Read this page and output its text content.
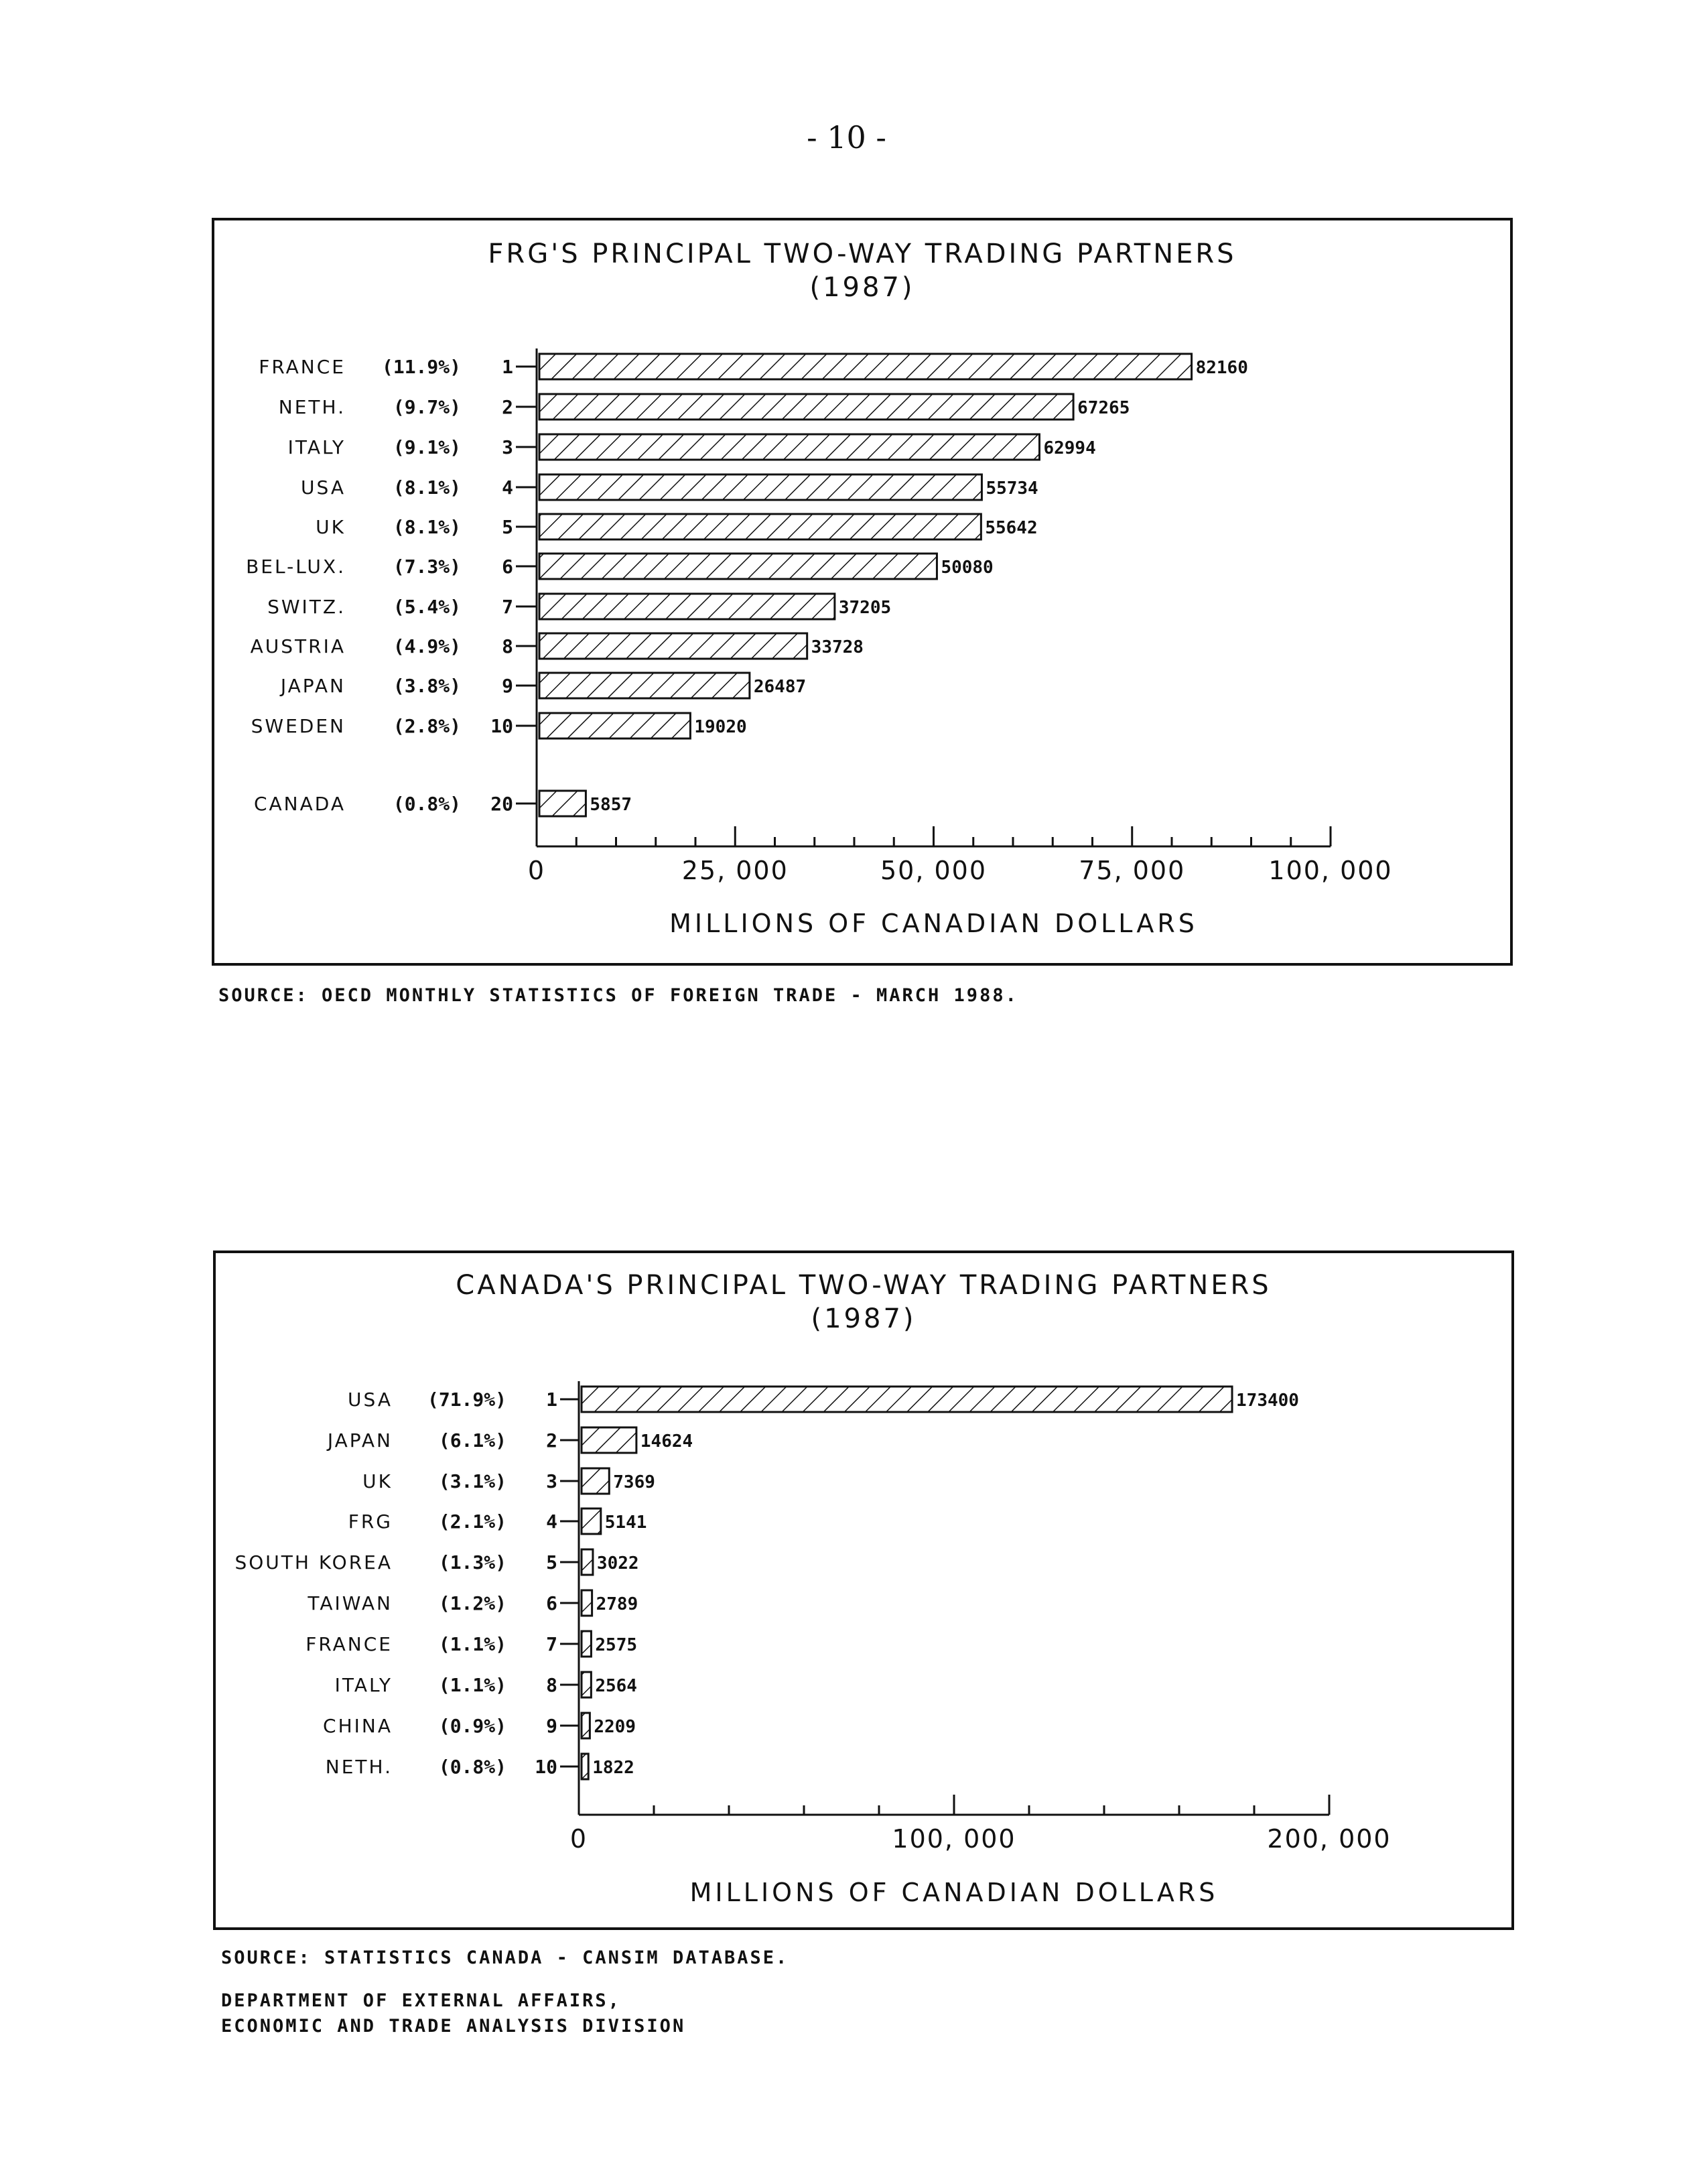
- 10 -
FRG'S PRINCIPAL TWO-WAY TRADING PARTNERS
(1987)
FRANCE (11.9%) 1	82160
NETH.	(9.7%) 2	67265
ITALY	(9.1%) 3	62994
USA	(8.1%) 4	55734
UK	(8.1%) 5	55642
BEL-LUX.	(7.3%) 6	50080
SWITZ.	(5.4%) 7	37205
AUSTRIA	(4.9%) 8	33728
JAPAN	(3.8%) 9	26487
SWEDEN	(2.8%) 10	19020
CANADA	(0.8%) 20	5857
0	25, 000	50, 000	75, 000	100, 000
MILLIONS OF CANADIAN DOLLARS
SOURCE: OECD MONTHLY STATISTICS OF FOREIGN TRADE - MARCH 1988.
CANADA'S PRINCIPAL TWO-WAY TRADING PARTNERS
(1987)
USA (71.9%) 1	173400
JAPAN (6.1%) 2	14624
UK (3.1%) 3	7369
FRG (2.1%) 4	5141
SOUTH KOREA (1.3%) 5 3022
TAIWAN (1.2%) 6 2789
FRANCE (1.1%) 7 2575
ITALY (1.1%) 8 2564
CHINA (0.9%) 9 2209
NETH. (0.8%) 10 1822
0	100, 000	200, 000
MILLIONS OF CANADIAN DOLLARS
SOURCE: STATISTICS CANADA - CANSIM DATABASE.
DEPARTMENT OF EXTERNAL AFFAIRS,
ECONOMIC AND TRADE ANALYSIS DIVISION
